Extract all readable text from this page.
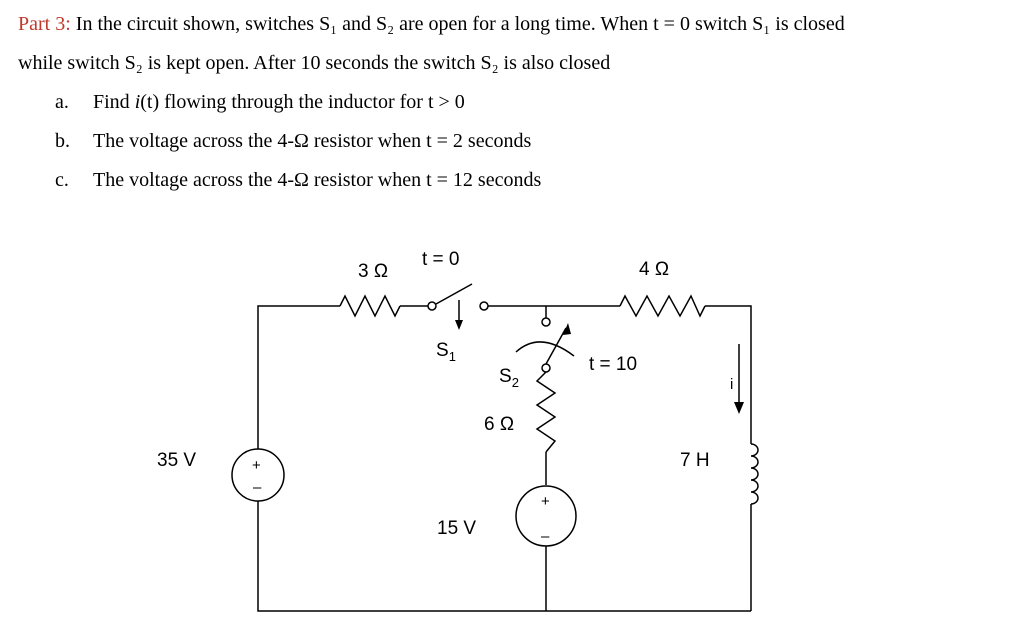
Part 3: In the circuit shown, switches S₁ and S₂ are open for a long time. When t = 0 switch S₁ is closed
while switch S₂ is kept open. After 10 seconds the switch S₂ is also closed
a. Find i(t) flowing through the inductor for t > 0
b. The voltage across the 4-Ω resistor when t = 2 seconds
c. The voltage across the 4-Ω resistor when t = 12 seconds
3 Ω
t = 0
$S_1$
4 Ω
$S_2$
t = 10
6 Ω
35 V
15 V
7 H
i
+
–
+
–
